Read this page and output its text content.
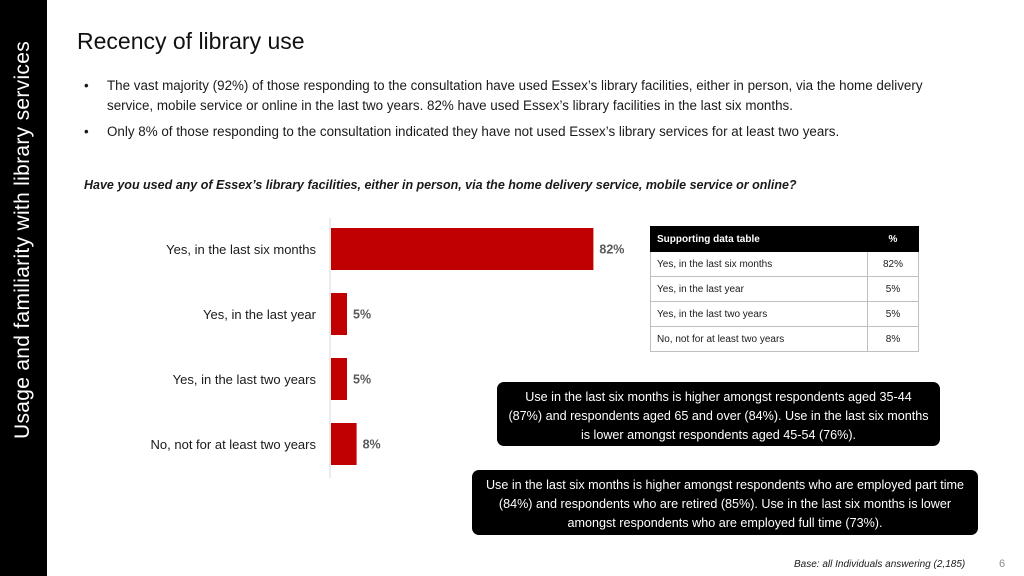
Usage and familiarity with library services Recency of library use
• The vast majority (92%) of those responding to the consultation have used Essex’s library facilities, either in person, via the home delivery service, mobile service or online in the last two years. 82% have used Essex’s library facilities in the last six months.
• Only 8% of those responding to the consultation indicated they have not used Essex’s library services for at least two years.
Have you used any of Essex’s library facilities, either in person, via the home delivery service, mobile service or online?
Yes, in the last six months
Yes, in the last year
Yes, in the last two years
No, not for at least two years
82%
5%
5%
8%
Supporting data table	%
Yes, in the last six months	82%
Yes, in the last year	5%
Yes, in the last two years	5%
No, not for at least two years	8%
Use in the last six months is higher amongst respondents aged 35-44 (87%) and respondents aged 65 and over (84%). Use in the last six months is lower amongst respondents aged 45-54 (76%).
Use in the last six months is higher amongst respondents who are employed part time (84%) and respondents who are retired (85%). Use in the last six months is lower amongst respondents who are employed full time (73%).
Base: all Individuals answering (2,185)	6
